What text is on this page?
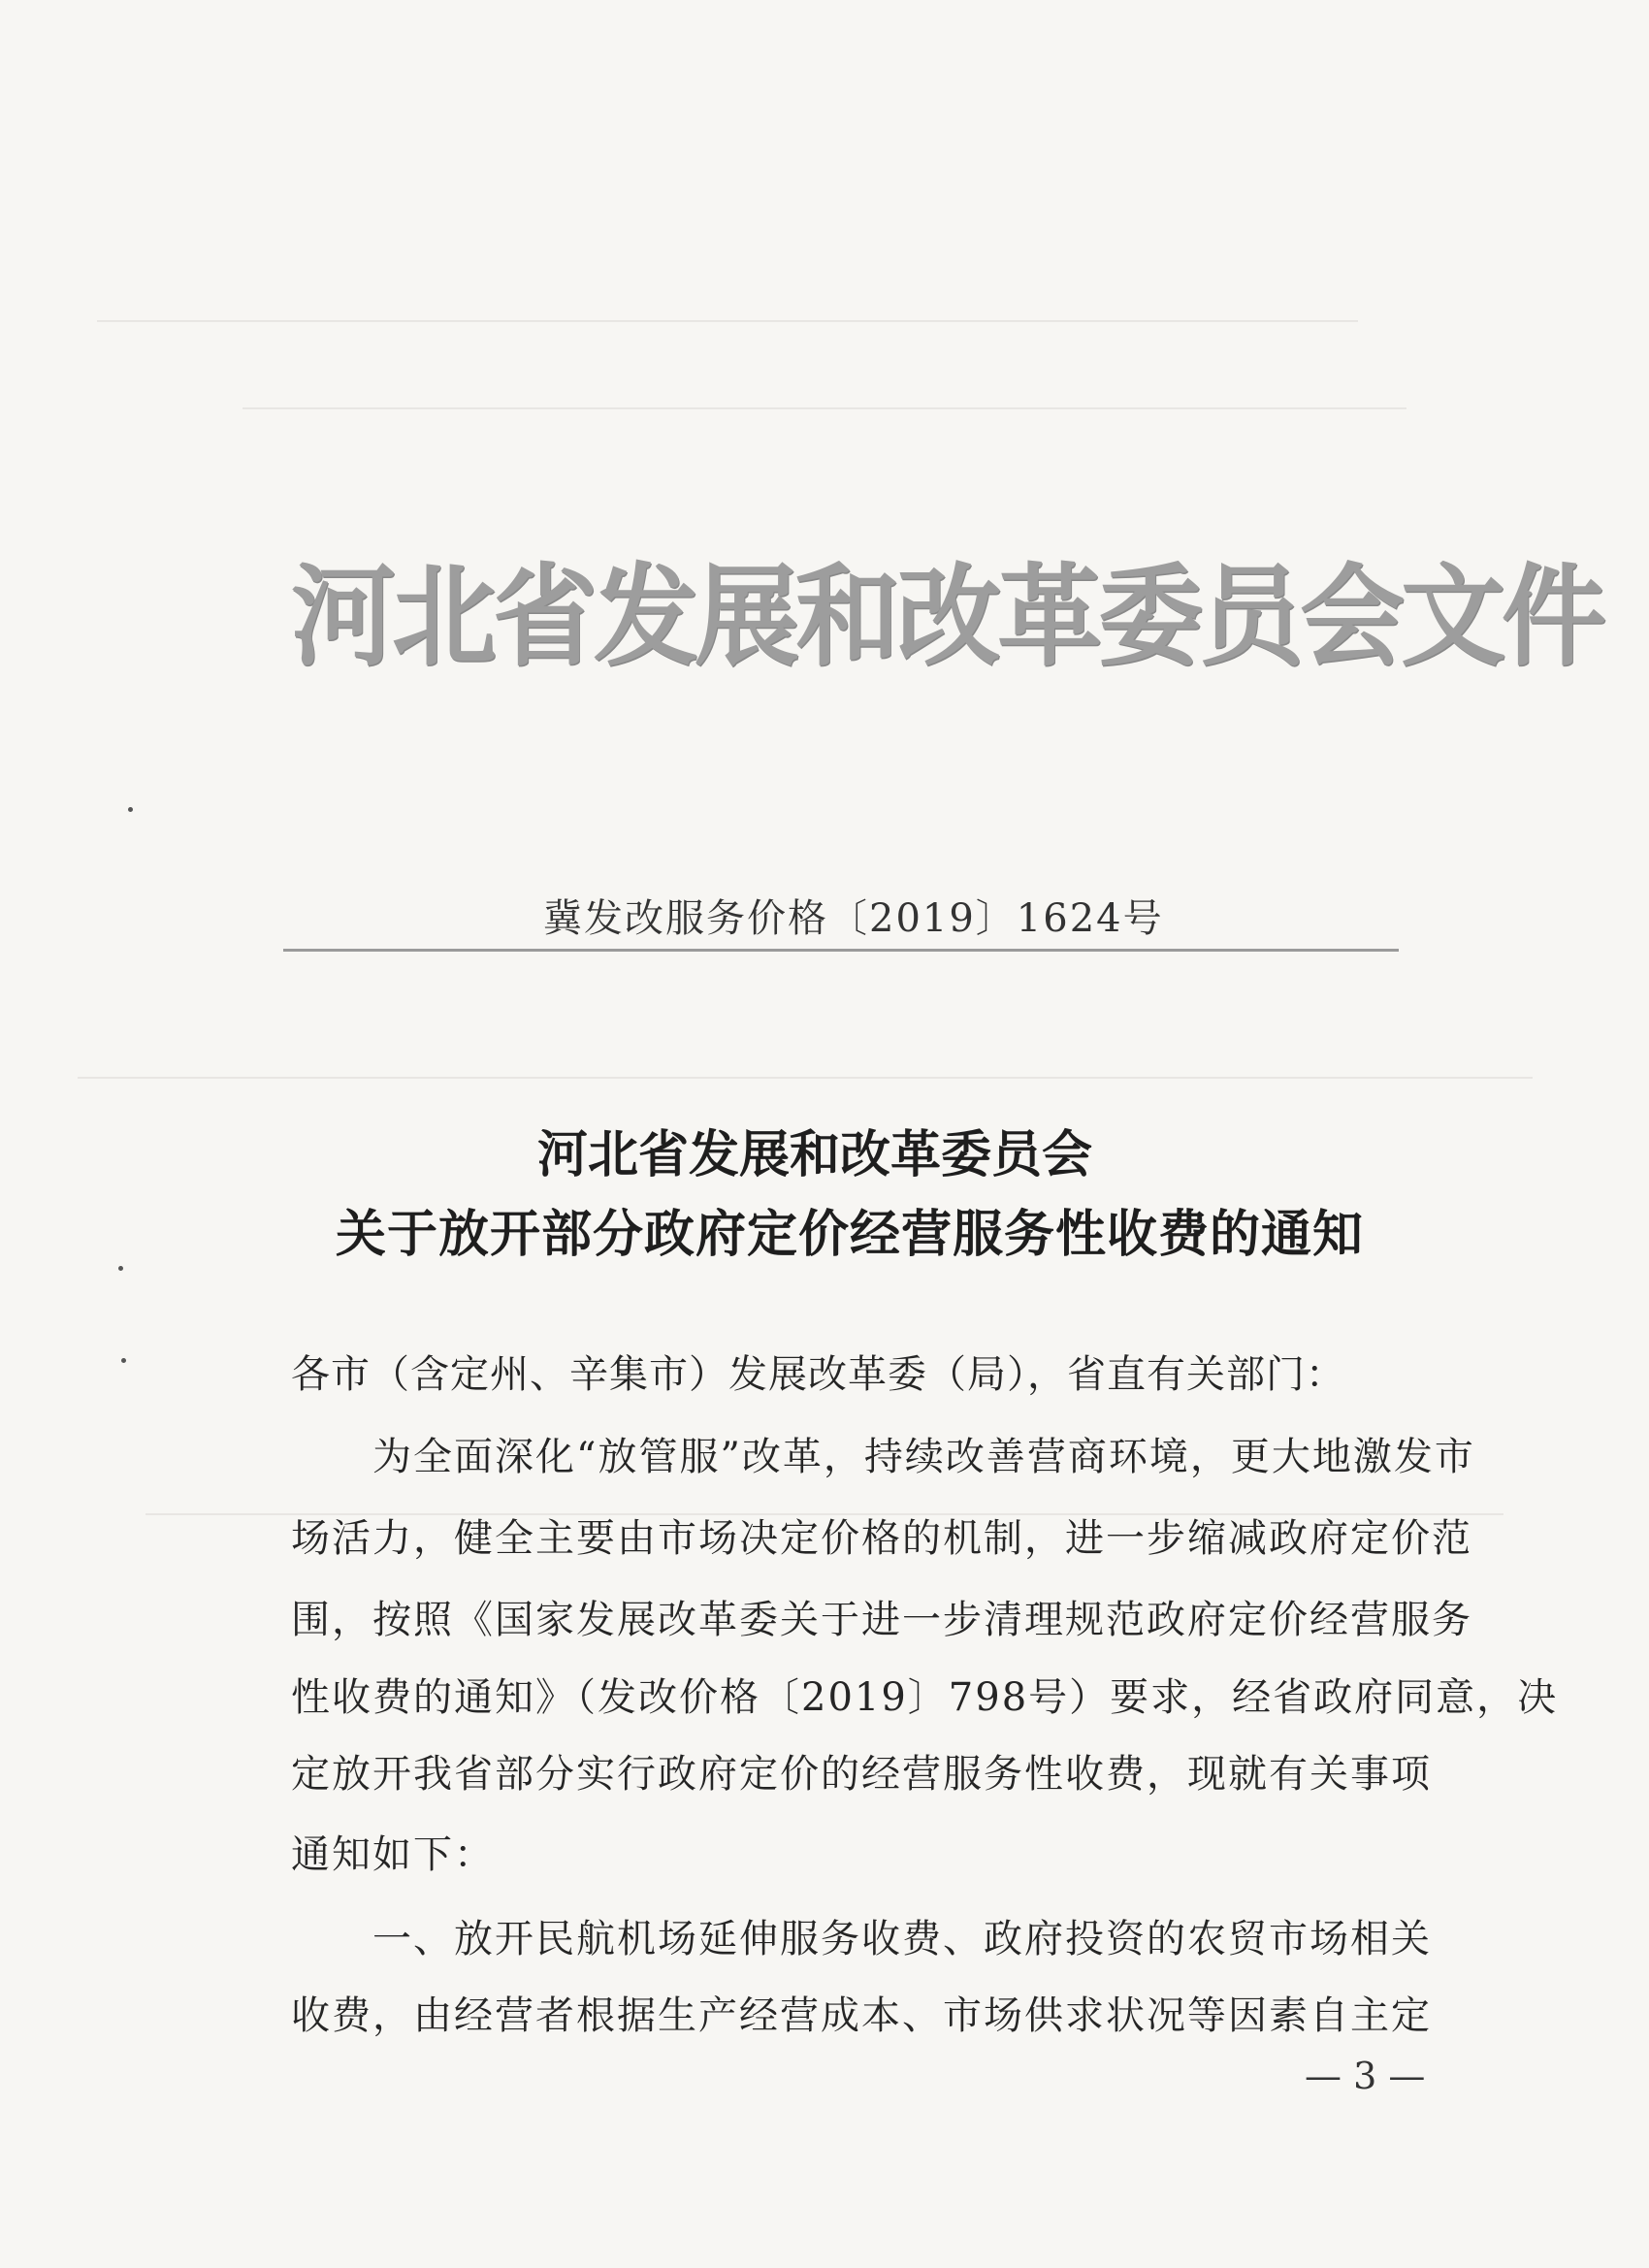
河北省发展和改革委员会文件
冀发改服务价格〔2019〕1624号
河北省发展和改革委员会
关于放开部分政府定价经营服务性收费的通知
各市（含定州、辛集市）发展改革委（局），省直有关部门：
　　为全面深化“放管服”改革，持续改善营商环境，更大地激发市
场活力，健全主要由市场决定价格的机制，进一步缩减政府定价范
围，按照《国家发展改革委关于进一步清理规范政府定价经营服务
性收费的通知》（发改价格〔2019〕798号）要求，经省政府同意，决
定放开我省部分实行政府定价的经营服务性收费，现就有关事项
通知如下：
　　一、放开民航机场延伸服务收费、政府投资的农贸市场相关
收费，由经营者根据生产经营成本、市场供求状况等因素自主定
— 3 —
